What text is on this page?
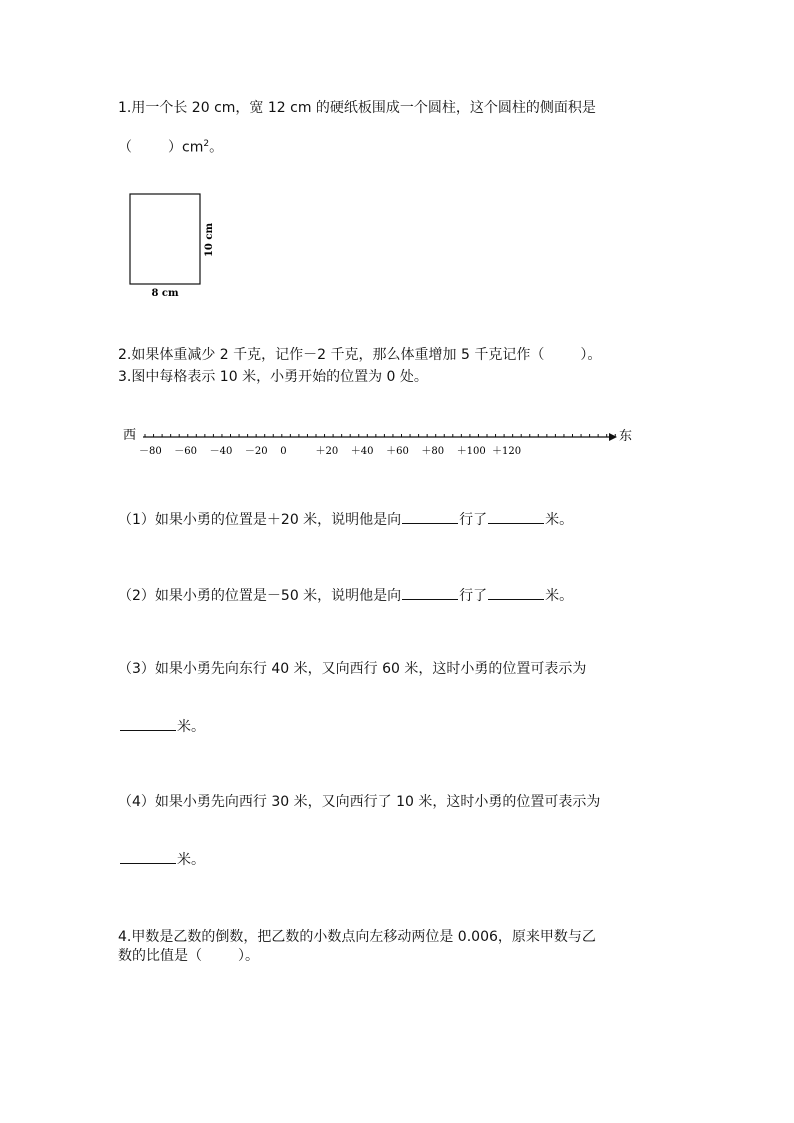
1.用一个长 20 cm，宽 12 cm 的硬纸板围成一个圆柱，这个圆柱的侧面积是
（	）$cm^2$。
10 cm
8 cm
2.如果体重减少 2 千克，记作－2 千克，那么体重增加 5 千克记作（	）。
3.图中每格表示 10 米，小勇开始的位置为 0 处。
西	东
－80 －60 －40 －20 0	＋20 ＋40 ＋60 ＋80 ＋100 ＋120
（1）如果小勇的位置是＋20 米，说明他是向	行了	米。
（2）如果小勇的位置是－50 米，说明他是向	行了	米。
（3）如果小勇先向东行 40 米，又向西行 60 米，这时小勇的位置可表示为
米。
（4）如果小勇先向西行 30 米，又向西行了 10 米，这时小勇的位置可表示为
米。
4.甲数是乙数的倒数，把乙数的小数点向左移动两位是 0.006，原来甲数与乙
数的比值是（	）。
